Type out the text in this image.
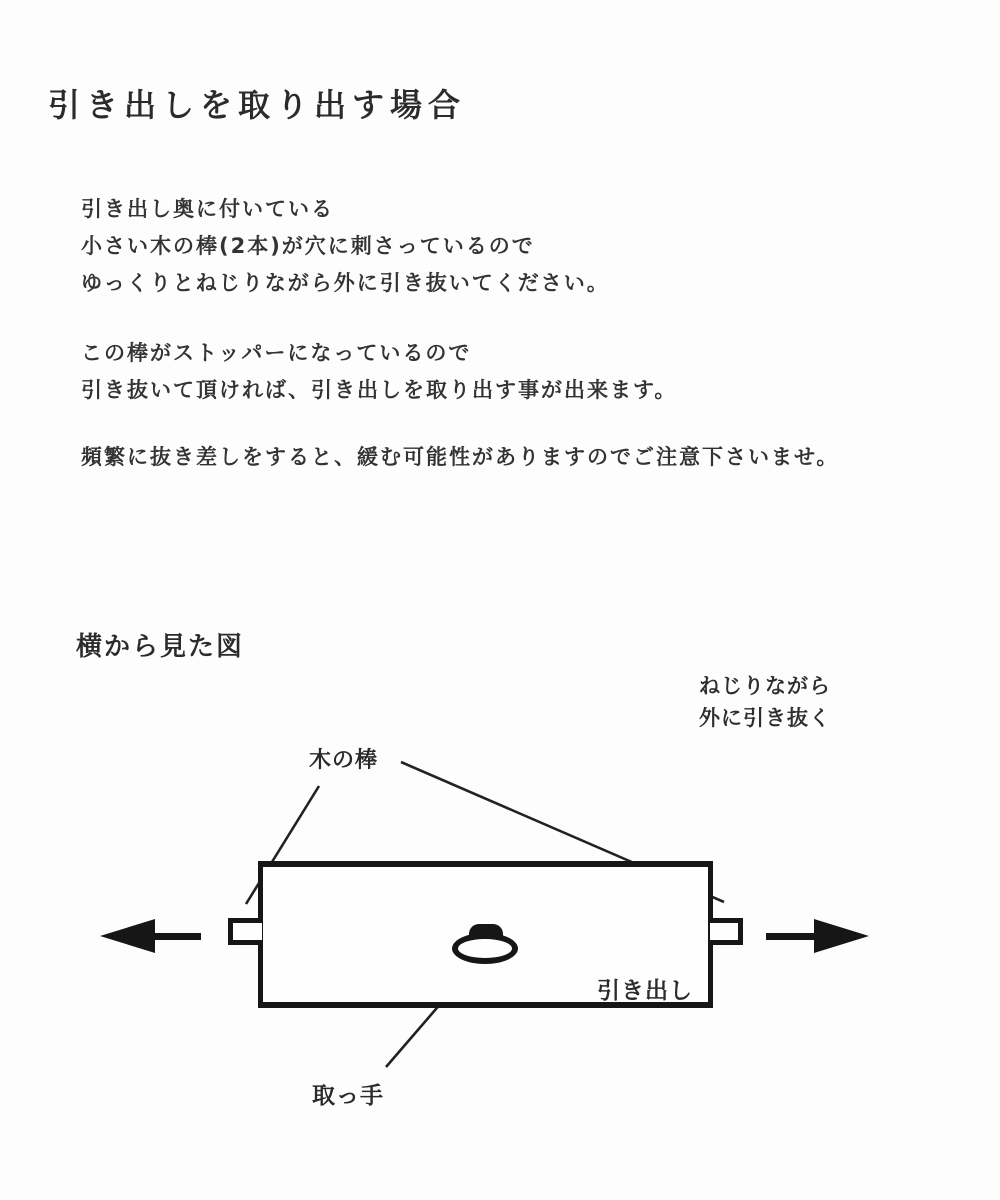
引き出しを取り出す場合
引き出し奥に付いている
小さい木の棒(2本)が穴に刺さっているので
ゆっくりとねじりながら外に引き抜いてください。
この棒がストッパーになっているので
引き抜いて頂ければ、引き出しを取り出す事が出来ます。
頻繁に抜き差しをすると、緩む可能性がありますのでご注意下さいませ。
横から見た図
ねじりながら
外に引き抜く
木の棒
引き出し
取っ手
